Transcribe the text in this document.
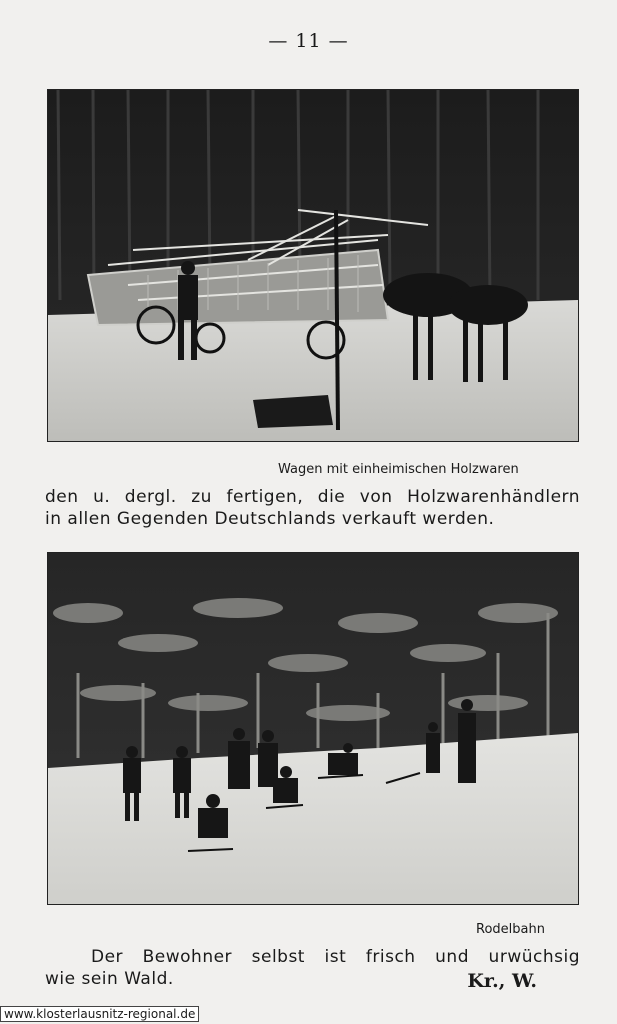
— 11 —
Wagen mit einheimischen Holzwaren
den u. dergl. zu fertigen, die von Holzwarenhändlern
in allen Gegenden Deutschlands verkauft werden.
Rodelbahn
Der Bewohner selbst ist frisch und urwüchsig
wie sein Wald.	Kr., W.
www.klosterlausnitz-regional.de
